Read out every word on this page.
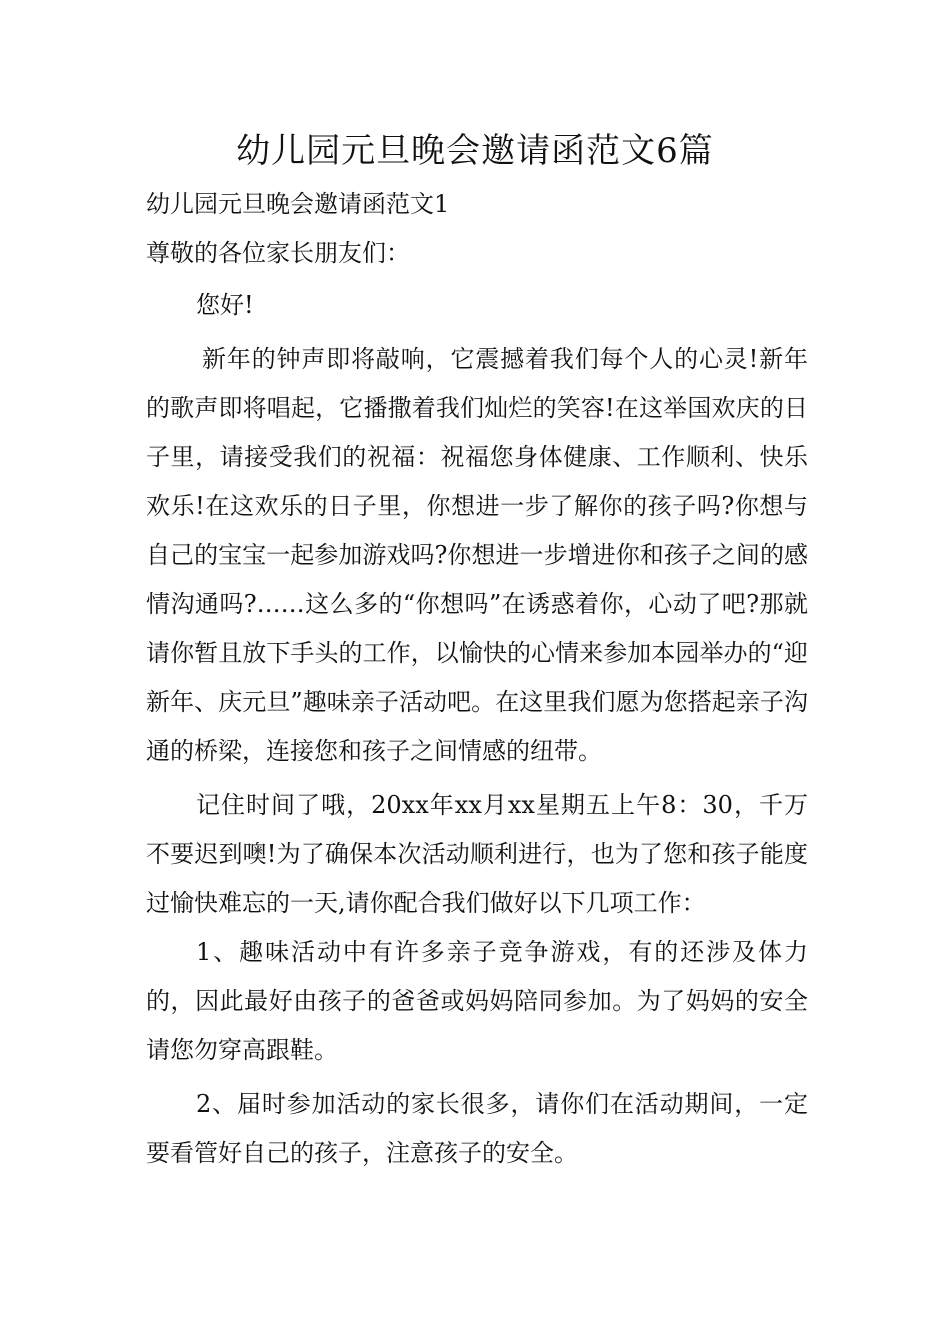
幼儿园元旦晚会邀请函范文6篇

幼儿园元旦晚会邀请函范文1

尊敬的各位家长朋友们：

您好!

新年的钟声即将敲响，它震撼着我们每个人的心灵!新年的歌声即将唱起，它播撒着我们灿烂的笑容!在这举国欢庆的日子里，请接受我们的祝福：祝福您身体健康、工作顺利、快乐欢乐!在这欢乐的日子里，你想进一步了解你的孩子吗?你想与自己的宝宝一起参加游戏吗?你想进一步增进你和孩子之间的感情沟通吗?……这么多的“你想吗”在诱惑着你，心动了吧?那就请你暂且放下手头的工作，以愉快的心情来参加本园举办的“迎新年、庆元旦”趣味亲子活动吧。在这里我们愿为您搭起亲子沟通的桥梁，连接您和孩子之间情感的纽带。

记住时间了哦，20xx年xx月xx星期五上午8：30，千万不要迟到噢!为了确保本次活动顺利进行，也为了您和孩子能度过愉快难忘的一天,请你配合我们做好以下几项工作：

1、趣味活动中有许多亲子竞争游戏，有的还涉及体力的，因此最好由孩子的爸爸或妈妈陪同参加。为了妈妈的安全请您勿穿高跟鞋。

2、届时参加活动的家长很多，请你们在活动期间，一定要看管好自己的孩子，注意孩子的安全。
